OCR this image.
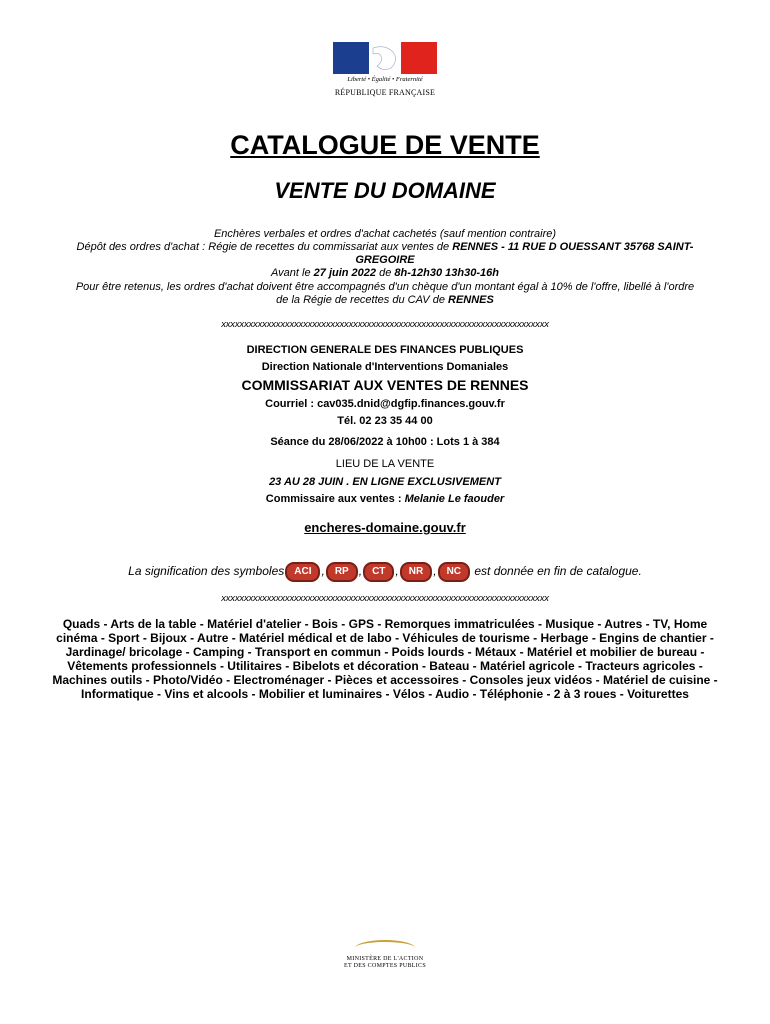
Liberté • Égalité • Fraternité
RÉPUBLIQUE FRANÇAISE
CATALOGUE DE VENTE
VENTE DU DOMAINE
Enchères verbales et ordres d'achat cachetés (sauf mention contraire)
Dépôt des ordres d'achat : Régie de recettes du commissariat aux ventes de RENNES - 11 RUE D OUESSANT 35768 SAINT-
GREGOIRE
Avant le 27 juin 2022 de 8h-12h30 13h30-16h
Pour être retenus, les ordres d'achat doivent être accompagnés d'un chèque d'un montant égal à 10% de l'offre, libellé à l'ordre
de la Régie de recettes du CAV de RENNES
xxxxxxxxxxxxxxxxxxxxxxxxxxxxxxxxxxxxxxxxxxxxxxxxxxxxxxxxxxxxxxxxxxxxxxxx
DIRECTION GENERALE DES FINANCES PUBLIQUES
Direction Nationale d'Interventions Domaniales
COMMISSARIAT AUX VENTES DE RENNES
Courriel : cav035.dnid@dgfip.finances.gouv.fr
Tél. 02 23 35 44 00
Séance du 28/06/2022 à 10h00 : Lots 1 à 384
LIEU DE LA VENTE
23 AU 28 JUIN . EN LIGNE EXCLUSIVEMENT
Commissaire aux ventes : Melanie Le faouder
encheres-domaine.gouv.fr
La signification des symboles ACI , RP , CT , NR , NC est donnée en fin de catalogue.
xxxxxxxxxxxxxxxxxxxxxxxxxxxxxxxxxxxxxxxxxxxxxxxxxxxxxxxxxxxxxxxxxxxxxxxx
Quads - Arts de la table - Matériel d'atelier - Bois - GPS - Remorques immatriculées - Musique - Autres - TV, Home cinéma - Sport - Bijoux - Autre - Matériel médical et de labo - Véhicules de tourisme - Herbage - Engins de chantier - Jardinage/ bricolage - Camping - Transport en commun - Poids lourds - Métaux - Matériel et mobilier de bureau - Vêtements professionnels - Utilitaires - Bibelots et décoration - Bateau - Matériel agricole - Tracteurs agricoles - Machines outils - Photo/Vidéo - Electroménager - Pièces et accessoires - Consoles jeux vidéos - Matériel de cuisine - Informatique - Vins et alcools - Mobilier et luminaires - Vélos - Audio - Téléphonie - 2 à 3 roues - Voiturettes
MINISTÈRE DE L'ACTION
ET DES COMPTES PUBLICS
